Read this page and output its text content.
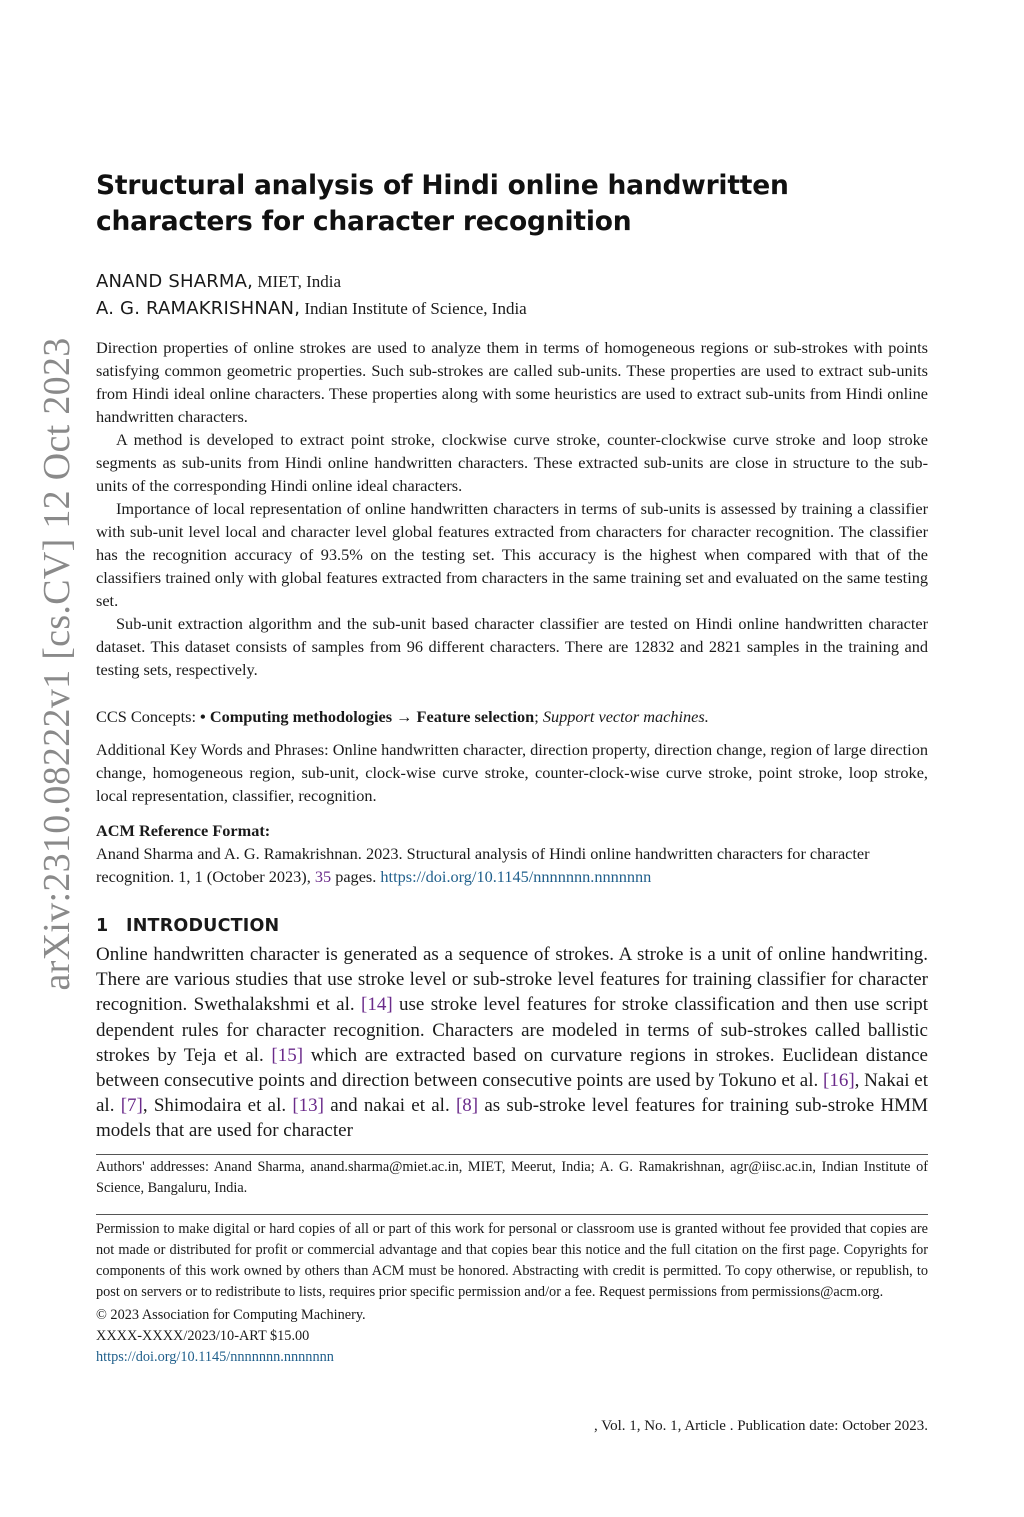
arXiv:2310.08222v1 [cs.CV] 12 Oct 2023
Structural analysis of Hindi online handwritten characters for character recognition
ANAND SHARMA, MIET, India
A. G. RAMAKRISHNAN, Indian Institute of Science, India

Direction properties of online strokes are used to analyze them in terms of homogeneous regions or sub-strokes with points satisfying common geometric properties. Such sub-strokes are called sub-units. These properties are used to extract sub-units from Hindi ideal online characters. These properties along with some heuristics are used to extract sub-units from Hindi online handwritten characters.

A method is developed to extract point stroke, clockwise curve stroke, counter-clockwise curve stroke and loop stroke segments as sub-units from Hindi online handwritten characters. These extracted sub-units are close in structure to the sub-units of the corresponding Hindi online ideal characters.

Importance of local representation of online handwritten characters in terms of sub-units is assessed by training a classifier with sub-unit level local and character level global features extracted from characters for character recognition. The classifier has the recognition accuracy of 93.5% on the testing set. This accuracy is the highest when compared with that of the classifiers trained only with global features extracted from characters in the same training set and evaluated on the same testing set.

Sub-unit extraction algorithm and the sub-unit based character classifier are tested on Hindi online handwritten character dataset. This dataset consists of samples from 96 different characters. There are 12832 and 2821 samples in the training and testing sets, respectively.

CCS Concepts: • Computing methodologies → Feature selection; Support vector machines.
Additional Key Words and Phrases: Online handwritten character, direction property, direction change, region of large direction change, homogeneous region, sub-unit, clock-wise curve stroke, counter-clock-wise curve stroke, point stroke, loop stroke, local representation, classifier, recognition.
ACM Reference Format:
Anand Sharma and A. G. Ramakrishnan. 2023. Structural analysis of Hindi online handwritten characters for character recognition. 1, 1 (October 2023), 35 pages. https://doi.org/10.1145/nnnnnnn.nnnnnnn
1 INTRODUCTION

Online handwritten character is generated as a sequence of strokes. A stroke is a unit of online handwriting. There are various studies that use stroke level or sub-stroke level features for training classifier for character recognition. Swethalakshmi et al. [14] use stroke level features for stroke classification and then use script dependent rules for character recognition. Characters are modeled in terms of sub-strokes called ballistic strokes by Teja et al. [15] which are extracted based on curvature regions in strokes. Euclidean distance between consecutive points and direction between consecutive points are used by Tokuno et al. [16], Nakai et al. [7], Shimodaira et al. [13] and nakai et al. [8] as sub-stroke level features for training sub-stroke HMM models that are used for character

Authors' addresses: Anand Sharma, anand.sharma@miet.ac.in, MIET, Meerut, India; A. G. Ramakrishnan, agr@iisc.ac.in, Indian Institute of Science, Bangaluru, India.
Permission to make digital or hard copies of all or part of this work for personal or classroom use is granted without fee provided that copies are not made or distributed for profit or commercial advantage and that copies bear this notice and the full citation on the first page. Copyrights for components of this work owned by others than ACM must be honored. Abstracting with credit is permitted. To copy otherwise, or republish, to post on servers or to redistribute to lists, requires prior specific permission and/or a fee. Request permissions from permissions@acm.org.
© 2023 Association for Computing Machinery.
XXXX-XXXX/2023/10-ART $15.00
https://doi.org/10.1145/nnnnnnn.nnnnnnn
, Vol. 1, No. 1, Article . Publication date: October 2023.
